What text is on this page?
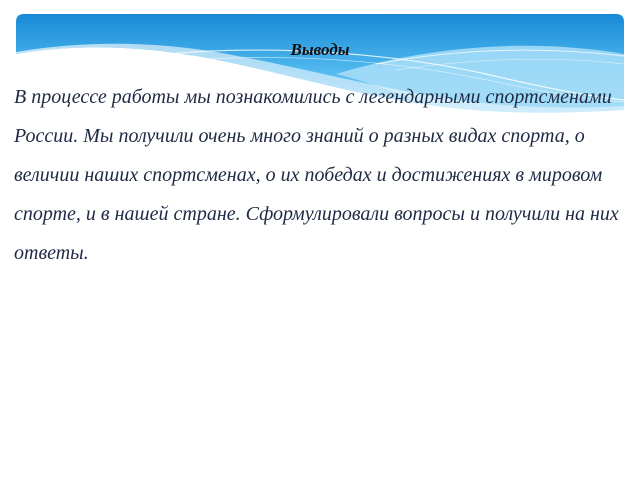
Выводы

В процессе работы мы познакомились с легендарными спортсменами России. Мы получили очень много знаний о разных видах спорта, о величии наших спортсменах, о их победах и достижениях в мировом спорте, и в нашей стране. Сформулировали вопросы и получили на них ответы.
